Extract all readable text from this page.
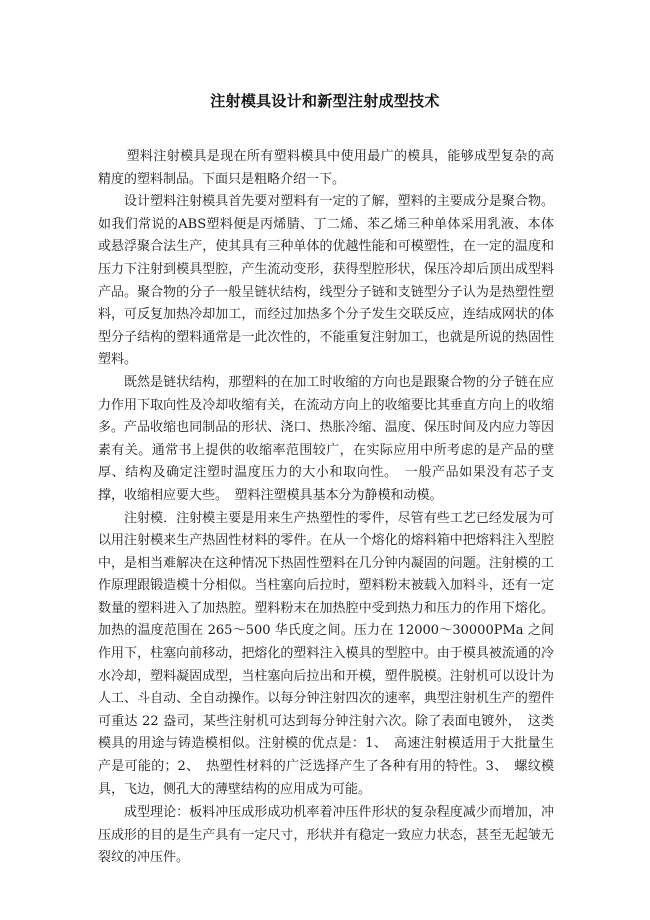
注射模具设计和新型注射成型技术

塑料注射模具是现在所有塑料模具中使用最广的模具，能够成型复杂的高精度的塑料制品。下面只是粗略介绍一下。

设计塑料注射模具首先要对塑料有一定的了解，塑料的主要成分是聚合物。如我们常说的ABS塑料便是丙烯腈、丁二烯、苯乙烯三种单体采用乳液、本体或悬浮聚合法生产，使其具有三种单体的优越性能和可模塑性，在一定的温度和压力下注射到模具型腔，产生流动变形，获得型腔形状，保压冷却后顶出成型料产品。聚合物的分子一般呈链状结构，线型分子链和支链型分子认为是热塑性塑料，可反复加热冷却加工，而经过加热多个分子发生交联反应，连结成网状的体型分子结构的塑料通常是一此次性的，不能重复注射加工，也就是所说的热固性塑料。

既然是链状结构，那塑料的在加工时收缩的方向也是跟聚合物的分子链在应力作用下取向性及冷却收缩有关，在流动方向上的收缩要比其垂直方向上的收缩多。产品收缩也同制品的形状、浇口、热胀冷缩、温度、保压时间及内应力等因素有关。通常书上提供的收缩率范围较广，在实际应用中所考虑的是产品的壁厚、结构及确定注塑时温度压力的大小和取向性。　一般产品如果没有芯子支撑，收缩相应要大些。　塑料注塑模具基本分为静模和动模。

注射模．注射模主要是用来生产热塑性的零件，尽管有些工艺已经发展为可以用注射模来生产热固性材料的零件。在从一个熔化的熔料箱中把熔料注入型腔中，是相当难解决在这种情况下热固性塑料在几分钟内凝固的问题。注射模的工作原理跟锻造模十分相似。当柱塞向后拉时，塑料粉末被载入加料斗，还有一定数量的塑料进入了加热腔。塑料粉末在加热腔中受到热力和压力的作用下熔化。加热的温度范围在 265～500 华氏度之间。压力在 12000～30000PMa 之间作用下，柱塞向前移动，把熔化的塑料注入模具的型腔中。由于模具被流通的冷水冷却，塑料凝固成型，当柱塞向后拉出和开模，塑件脱模。注射机可以设计为人工、斗自动、全自动操作。以每分钟注射四次的速率，典型注射机生产的塑件可重达 22 盎司，某些注射机可达到每分钟注射六次。除了表面电镀外，　这类模具的用途与铸造模相似。注射模的优点是：1、　高速注射模适用于大批量生产是可能的；2、　热塑性材料的广泛选择产生了各种有用的特性。3、　螺纹模具，飞边，侧孔大的薄壁结构的应用成为可能。

成型理论：板料冲压成形成功机率着冲压件形状的复杂程度减少而增加，冲压成形的目的是生产具有一定尺寸，形状并有稳定一致应力状态，甚至无起皱无裂纹的冲压件。
